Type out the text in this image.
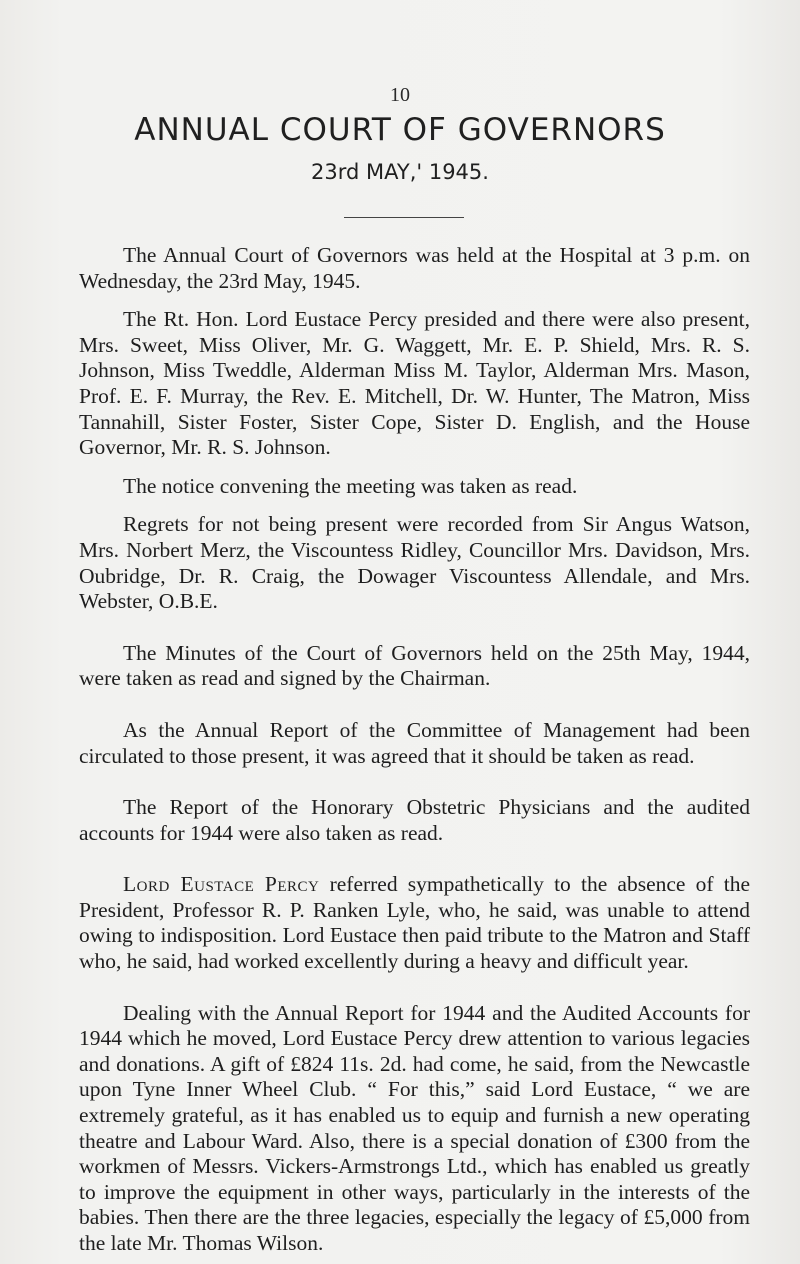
10
ANNUAL COURT OF GOVERNORS
23rd MAY,' 1945.

The Annual Court of Governors was held at the Hospital at 3 p.m. on Wednesday, the 23rd May, 1945.

The Rt. Hon. Lord Eustace Percy presided and there were also present, Mrs. Sweet, Miss Oliver, Mr. G. Waggett, Mr. E. P. Shield, Mrs. R. S. Johnson, Miss Tweddle, Alderman Miss M. Taylor, Alderman Mrs. Mason, Prof. E. F. Murray, the Rev. E. Mitchell, Dr. W. Hunter, The Matron, Miss Tannahill, Sister Foster, Sister Cope, Sister D. English, and the House Governor, Mr. R. S. Johnson.

The notice convening the meeting was taken as read.

Regrets for not being present were recorded from Sir Angus Watson, Mrs. Norbert Merz, the Viscountess Ridley, Councillor Mrs. Davidson, Mrs. Oubridge, Dr. R. Craig, the Dowager Viscountess Allendale, and Mrs. Webster, O.B.E.

The Minutes of the Court of Governors held on the 25th May, 1944, were taken as read and signed by the Chairman.

As the Annual Report of the Committee of Management had been circulated to those present, it was agreed that it should be taken as read.

The Report of the Honorary Obstetric Physicians and the audited accounts for 1944 were also taken as read.

Lord Eustace Percy referred sympathetically to the absence of the President, Professor R. P. Ranken Lyle, who, he said, was unable to attend owing to indisposition. Lord Eustace then paid tribute to the Matron and Staff who, he said, had worked excellently during a heavy and difficult year.

Dealing with the Annual Report for 1944 and the Audited Accounts for 1944 which he moved, Lord Eustace Percy drew attention to various legacies and donations. A gift of £824 11s. 2d. had come, he said, from the Newcastle upon Tyne Inner Wheel Club. “ For this,” said Lord Eustace, “ we are extremely grateful, as it has enabled us to equip and furnish a new operating theatre and Labour Ward. Also, there is a special donation of £300 from the workmen of Messrs. Vickers-Armstrongs Ltd., which has enabled us greatly to improve the equipment in other ways, particularly in the interests of the babies. Then there are the three legacies, especially the legacy of £5,000 from the late Mr. Thomas Wilson.
